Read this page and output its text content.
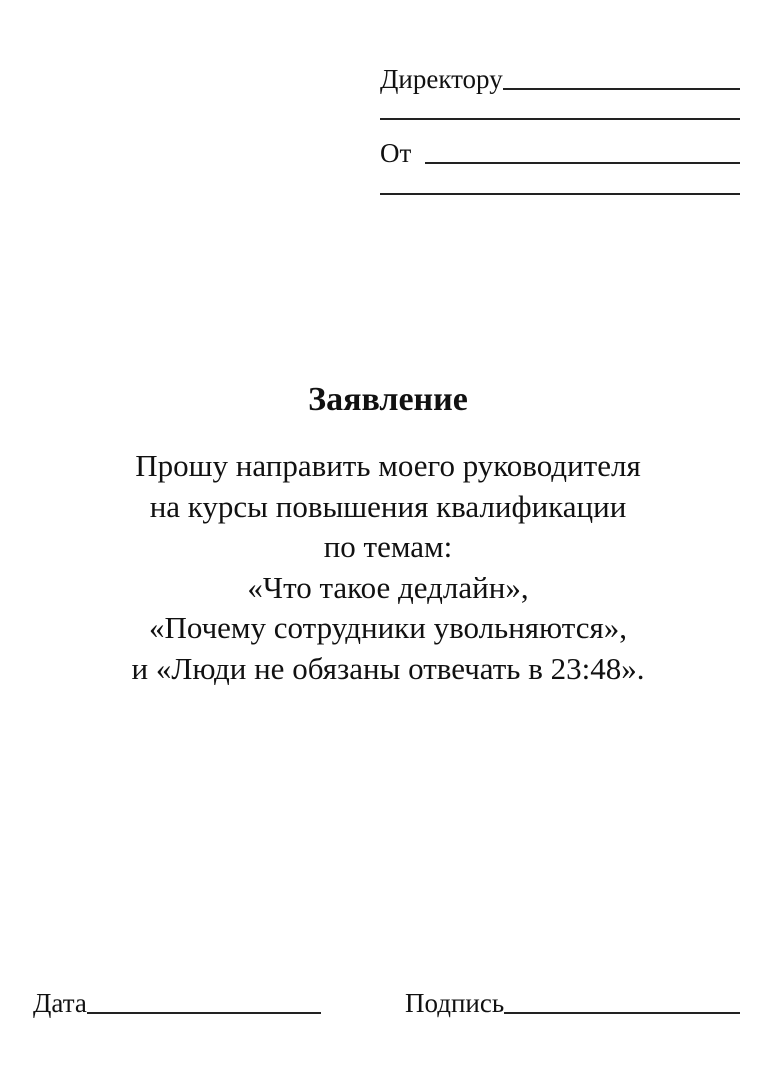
Директору
От
Заявление
Прошу направить моего руководителя
на курсы повышения квалификации
по темам:
«Что такое дедлайн»,
«Почему сотрудники увольняются»,
и «Люди не обязаны отвечать в 23:48».
Дата	Подпись
